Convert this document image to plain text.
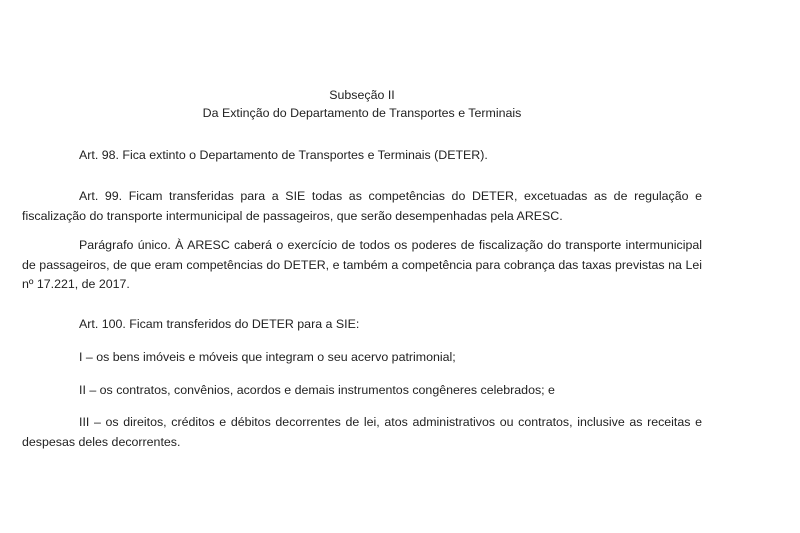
Subseção II
Da Extinção do Departamento de Transportes e Terminais

Art. 98. Fica extinto o Departamento de Transportes e Terminais (DETER).

Art. 99. Ficam transferidas para a SIE todas as competências do DETER, excetuadas as de regulação e fiscalização do transporte intermunicipal de passageiros, que serão desempenhadas pela ARESC.

Parágrafo único. À ARESC caberá o exercício de todos os poderes de fiscalização do transporte intermunicipal de passageiros, de que eram competências do DETER, e também a competência para cobrança das taxas previstas na Lei nº 17.221, de 2017.

Art. 100. Ficam transferidos do DETER para a SIE:

I – os bens imóveis e móveis que integram o seu acervo patrimonial;

II – os contratos, convênios, acordos e demais instrumentos congêneres celebrados; e

III – os direitos, créditos e débitos decorrentes de lei, atos administrativos ou contratos, inclusive as receitas e despesas deles decorrentes.
